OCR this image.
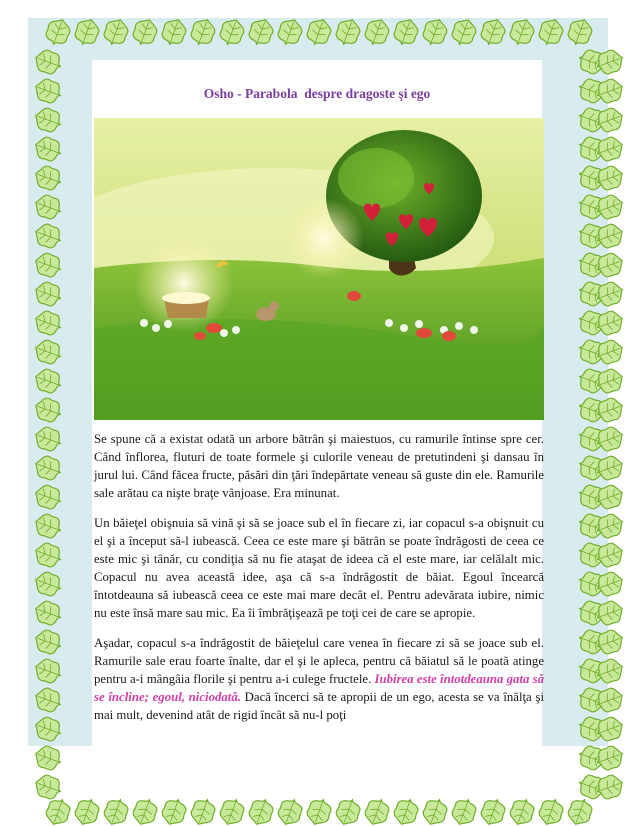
Osho - Parabola  despre dragoste şi ego

Se spune că a existat odată un arbore bătrân şi maiestuos, cu ramurile întinse spre cer. Când înflorea, fluturi de toate formele şi culorile veneau de pretutindeni şi dansau în jurul lui. Când făcea fructe, păsări din ţări îndepărtate veneau să guste din ele. Ramurile sale arătau ca nişte braţe vânjoase. Era minunat.

Un băieţel obişnuia să vină şi să se joace sub el în fiecare zi, iar copacul s-a obişnuit cu el şi a început să-l iubească. Ceea ce este mare şi bătrân se poate îndrăgosti de ceea ce este mic şi tânăr, cu condiţia să nu fie ataşat de ideea că el este mare, iar celălalt mic. Copacul nu avea această idee, aşa că s-a îndrăgostit de băiat. Egoul încearcă întotdeauna să iubească ceea ce este mai mare decât el. Pentru adevărata iubire, nimic nu este însă mare sau mic. Ea îi îmbrăţişează pe toţi cei de care se apropie.

Aşadar, copacul s-a îndrăgostit de băieţelul care venea în fiecare zi să se joace sub el. Ramurile sale erau foarte înalte, dar el şi le apleca, pentru că băiatul să le poată atinge pentru a-i mângâia florile şi pentru a-i culege fructele. Iubirea este întotdeauna gata să se încline; egoul, niciodată. Dacă încerci să te apropii de un ego, acesta se va înălţa şi mai mult, devenind atât de rigid încât să nu-l poţi
